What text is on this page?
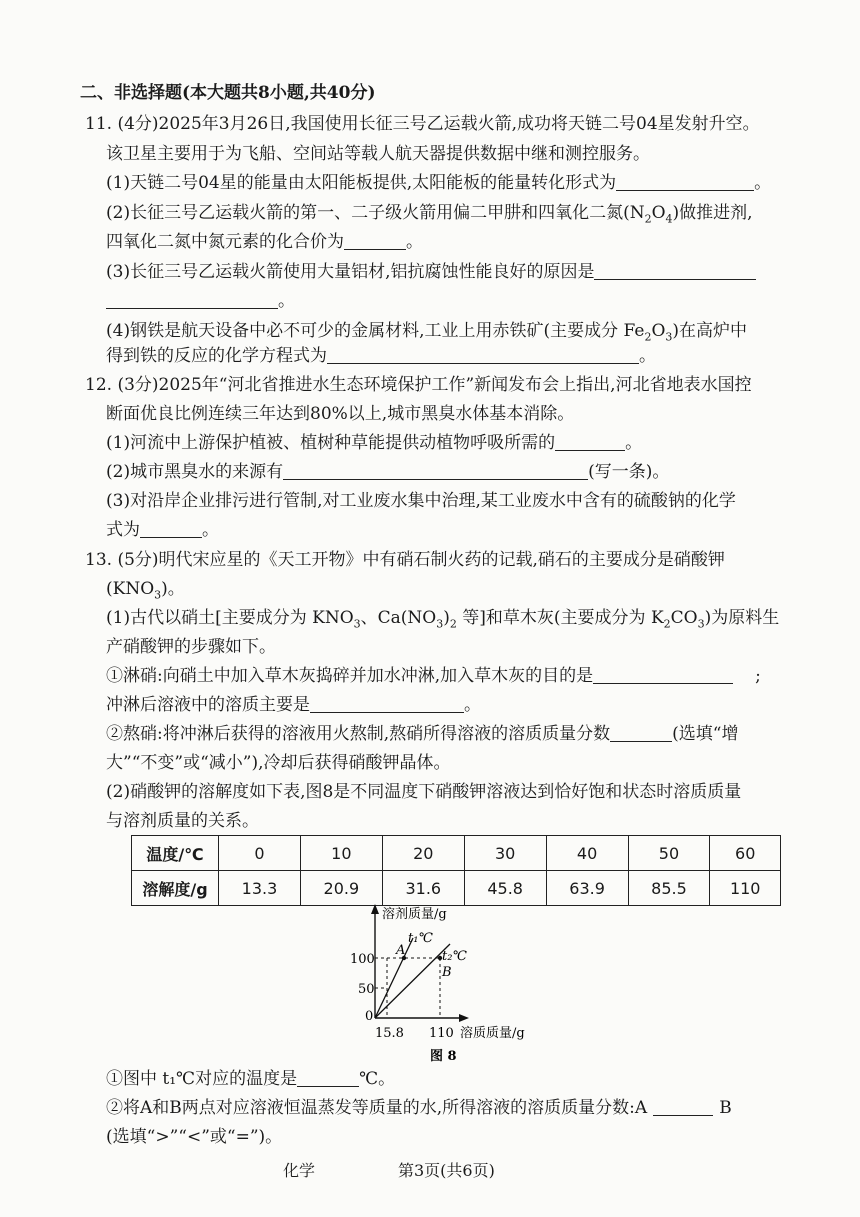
二、非选择题(本大题共8小题,共40分)
11. (4分)2025年3月26日,我国使用长征三号乙运载火箭,成功将天链二号04星发射升空。
该卫星主要用于为飞船、空间站等载人航天器提供数据中继和测控服务。
(1)天链二号04星的能量由太阳能板提供,太阳能板的能量转化形式为	。
(2)长征三号乙运载火箭的第一、二子级火箭用偏二甲肼和四氧化二氮$(N_2O_4)$做推进剂,
四氧化二氮中氮元素的化合价为	。
(3)长征三号乙运载火箭使用大量铝材,铝抗腐蚀性能良好的原因是
。
(4)钢铁是航天设备中必不可少的金属材料,工业上用赤铁矿(主要成分 $Fe_2O_3$)在高炉中
得到铁的反应的化学方程式为	。
12. (3分)2025年“河北省推进水生态环境保护工作”新闻发布会上指出,河北省地表水国控
断面优良比例连续三年达到80%以上,城市黑臭水体基本消除。
(1)河流中上游保护植被、植树种草能提供动植物呼吸所需的	。
(2)城市黑臭水的来源有	(写一条)。
(3)对沿岸企业排污进行管制,对工业废水集中治理,某工业废水中含有的硫酸钠的化学
式为	。
13. (5分)明代宋应星的《天工开物》中有硝石制火药的记载,硝石的主要成分是硝酸钾
$(KNO_3)$。
(1)古代以硝土[主要成分为 $KNO_3$、$Ca(NO_3)_2$ 等]和草木灰(主要成分为 $K_2CO_3$)为原料生
产硝酸钾的步骤如下。
①淋硝:向硝土中加入草木灰捣碎并加水冲淋,加入草木灰的目的是	;
冲淋后溶液中的溶质主要是	。
②熬硝:将冲淋后获得的溶液用火熬制,熬硝所得溶液的溶质质量分数	(选填“增
大”“不变”或“减小”),冷却后获得硝酸钾晶体。
(2)硝酸钾的溶解度如下表,图8是不同温度下硝酸钾溶液达到恰好饱和状态时溶质质量
与溶剂质量的关系。
温度/℃	0	10	20	30	40	50	60
溶解度/g	13.3	20.9	31.6	45.8	63.9	85.5	110
溶剂质量/g
溶质质量/g
A
B
t₁℃
t₂℃
100
50
0
15.8 110
图 8
①图中 t₁℃对应的温度是	℃。
②将A和B两点对应溶液恒温蒸发等质量的水,所得溶液的溶质质量分数:A	B
(选填“>”“<”或“=”)。
化学	第3页(共6页)
